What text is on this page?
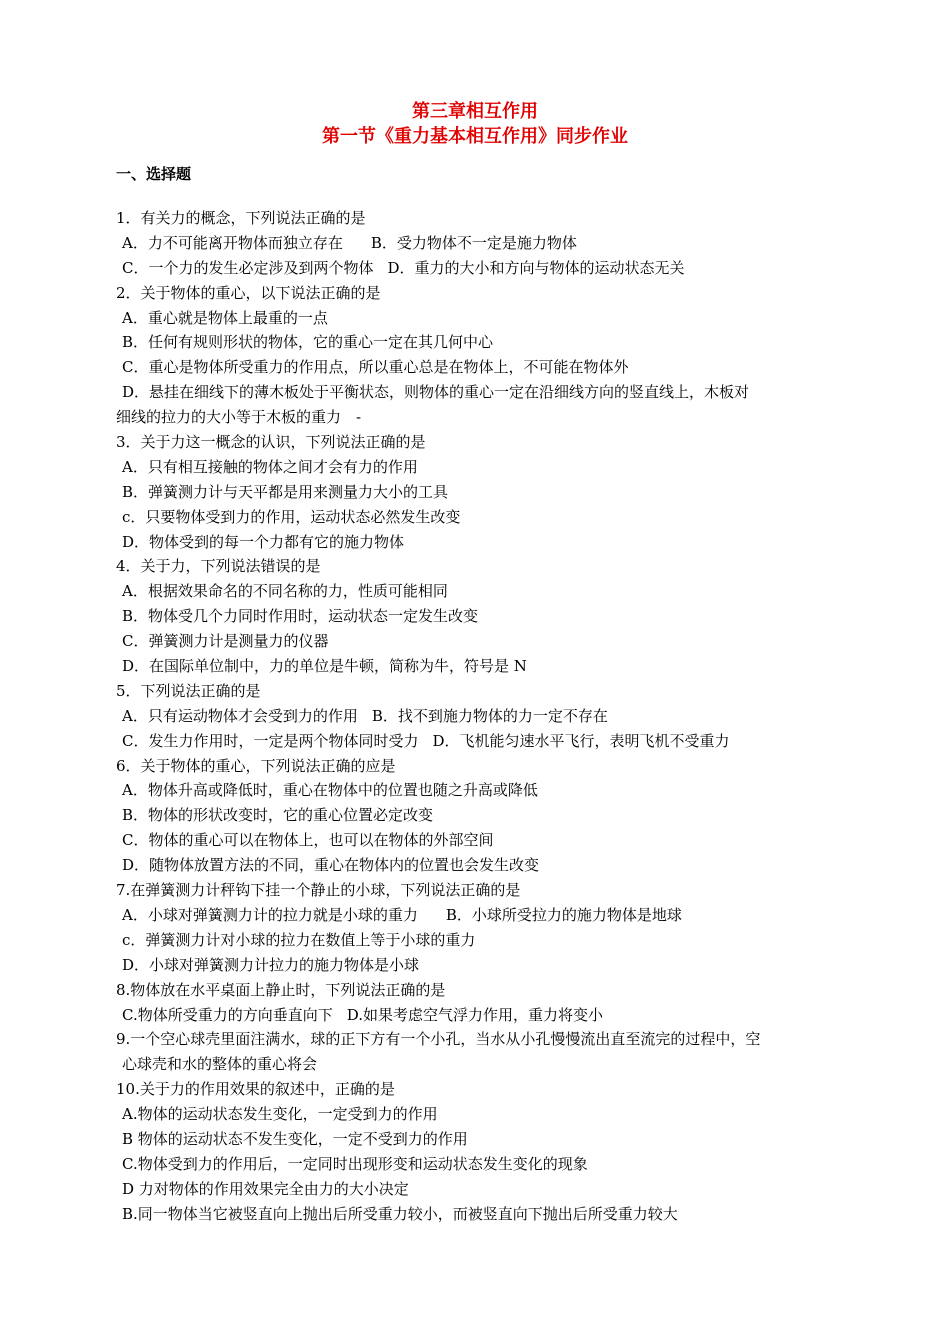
第三章相互作用
第一节《重力基本相互作用》同步作业
一、选择题
1．有关力的概念，下列说法正确的是
A．力不可能离开物体而独立存在 B．受力物体不一定是施力物体
C．一个力的发生必定涉及到两个物体 D．重力的大小和方向与物体的运动状态无关
2．关于物体的重心，以下说法正确的是
A．重心就是物体上最重的一点
B．任何有规则形状的物体，它的重心一定在其几何中心
C．重心是物体所受重力的作用点，所以重心总是在物体上，不可能在物体外
D．悬挂在细线下的薄木板处于平衡状态，则物体的重心一定在沿细线方向的竖直线上，木板对
细线的拉力的大小等于木板的重力　-
3．关于力这一概念的认识，下列说法正确的是
A．只有相互接触的物体之间才会有力的作用
B．弹簧测力计与天平都是用来测量力大小的工具
c．只要物体受到力的作用，运动状态必然发生改变
D．物体受到的每一个力都有它的施力物体
4．关于力，下列说法错误的是
A．根据效果命名的不同名称的力，性质可能相同
B．物体受几个力同时作用时，运动状态一定发生改变
C．弹簧测力计是测量力的仪器
D．在国际单位制中，力的单位是牛顿，简称为牛，符号是 N
5．下列说法正确的是
A．只有运动物体才会受到力的作用 B．找不到施力物体的力一定不存在
C．发生力作用时，一定是两个物体同时受力 D．飞机能匀速水平飞行，表明飞机不受重力
6．关于物体的重心，下列说法正确的应是
A．物体升高或降低时，重心在物体中的位置也随之升高或降低
B．物体的形状改变时，它的重心位置必定改变
C．物体的重心可以在物体上，也可以在物体的外部空间
D．随物体放置方法的不同，重心在物体内的位置也会发生改变
7.在弹簧测力计秤钩下挂一个静止的小球，下列说法正确的是
A．小球对弹簧测力计的拉力就是小球的重力 B．小球所受拉力的施力物体是地球
c．弹簧测力计对小球的拉力在数值上等于小球的重力
D．小球对弹簧测力计拉力的施力物体是小球
8.物体放在水平桌面上静止时，下列说法正确的是
C.物体所受重力的方向垂直向下 D.如果考虑空气浮力作用，重力将变小
9.一个空心球壳里面注满水，球的正下方有一个小孔，当水从小孔慢慢流出直至流完的过程中，空
心球壳和水的整体的重心将会
10.关于力的作用效果的叙述中，正确的是
A.物体的运动状态发生变化，一定受到力的作用
B 物体的运动状态不发生变化，一定不受到力的作用
C.物体受到力的作用后，一定同时出现形变和运动状态发生变化的现象
D 力对物体的作用效果完全由力的大小决定
B.同一物体当它被竖直向上抛出后所受重力较小，而被竖直向下抛出后所受重力较大
